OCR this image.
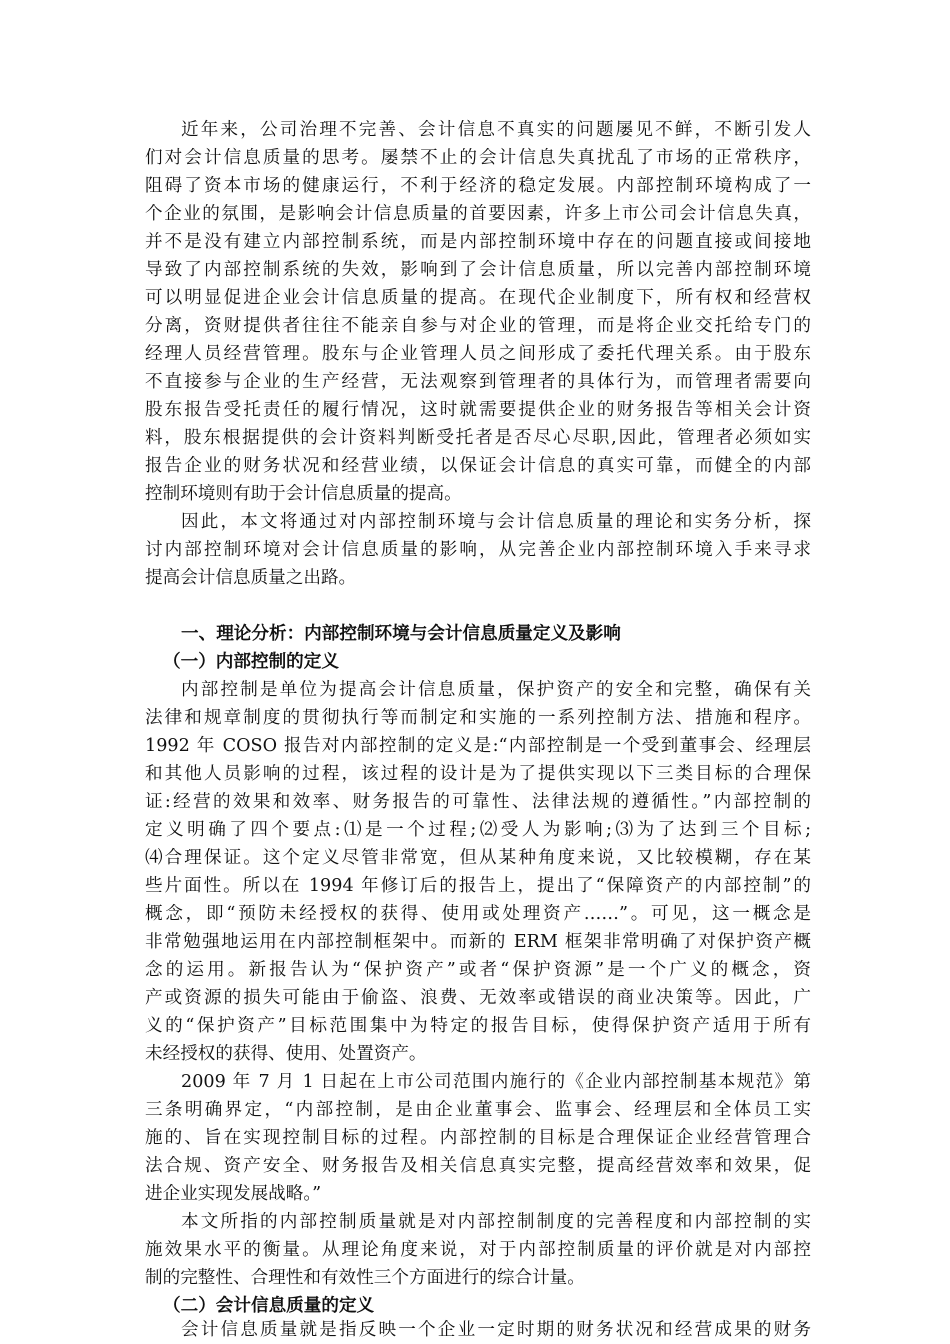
近年来，公司治理不完善、会计信息不真实的问题屡见不鲜，不断引发人
们对会计信息质量的思考。屡禁不止的会计信息失真扰乱了市场的正常秩序，
阻碍了资本市场的健康运行，不利于经济的稳定发展。内部控制环境构成了一
个企业的氛围，是影响会计信息质量的首要因素，许多上市公司会计信息失真，
并不是没有建立内部控制系统，而是内部控制环境中存在的问题直接或间接地
导致了内部控制系统的失效，影响到了会计信息质量，所以完善内部控制环境
可以明显促进企业会计信息质量的提高。在现代企业制度下，所有权和经营权
分离，资财提供者往往不能亲自参与对企业的管理，而是将企业交托给专门的
经理人员经营管理。股东与企业管理人员之间形成了委托代理关系。由于股东
不直接参与企业的生产经营，无法观察到管理者的具体行为，而管理者需要向
股东报告受托责任的履行情况，这时就需要提供企业的财务报告等相关会计资
料，股东根据提供的会计资料判断受托者是否尽心尽职,因此，管理者必须如实
报告企业的财务状况和经营业绩，以保证会计信息的真实可靠，而健全的内部
控制环境则有助于会计信息质量的提高。
因此，本文将通过对内部控制环境与会计信息质量的理论和实务分析，探
讨内部控制环境对会计信息质量的影响，从完善企业内部控制环境入手来寻求
提高会计信息质量之出路。
一、理论分析：内部控制环境与会计信息质量定义及影响
（一）内部控制的定义
内部控制是单位为提高会计信息质量，保护资产的安全和完整，确保有关
法律和规章制度的贯彻执行等而制定和实施的一系列控制方法、措施和程序。
1992 年 COSO 报告对内部控制的定义是:“内部控制是一个受到董事会、经理层
和其他人员影响的过程，该过程的设计是为了提供实现以下三类目标的合理保
证:经营的效果和效率、财务报告的可靠性、法律法规的遵循性。”内部控制的
定义明确了四个要点:⑴是一个过程;⑵受人为影响;⑶为了达到三个目标;
⑷合理保证。这个定义尽管非常宽，但从某种角度来说，又比较模糊，存在某
些片面性。所以在 1994 年修订后的报告上，提出了“保障资产的内部控制”的
概念，即“预防未经授权的获得、使用或处理资产……”。可见，这一概念是
非常勉强地运用在内部控制框架中。而新的 ERM 框架非常明确了对保护资产概
念的运用。新报告认为“保护资产”或者“保护资源”是一个广义的概念，资
产或资源的损失可能由于偷盗、浪费、无效率或错误的商业决策等。因此，广
义的“保护资产”目标范围集中为特定的报告目标，使得保护资产适用于所有
未经授权的获得、使用、处置资产。
2009 年 7 月 1 日起在上市公司范围内施行的《企业内部控制基本规范》第
三条明确界定，“内部控制，是由企业董事会、监事会、经理层和全体员工实
施的、旨在实现控制目标的过程。内部控制的目标是合理保证企业经营管理合
法合规、资产安全、财务报告及相关信息真实完整，提高经营效率和效果，促
进企业实现发展战略。”
本文所指的内部控制质量就是对内部控制制度的完善程度和内部控制的实
施效果水平的衡量。从理论角度来说，对于内部控制质量的评价就是对内部控
制的完整性、合理性和有效性三个方面进行的综合计量。
（二）会计信息质量的定义
会计信息质量就是指反映一个企业一定时期的财务状况和经营成果的财务
